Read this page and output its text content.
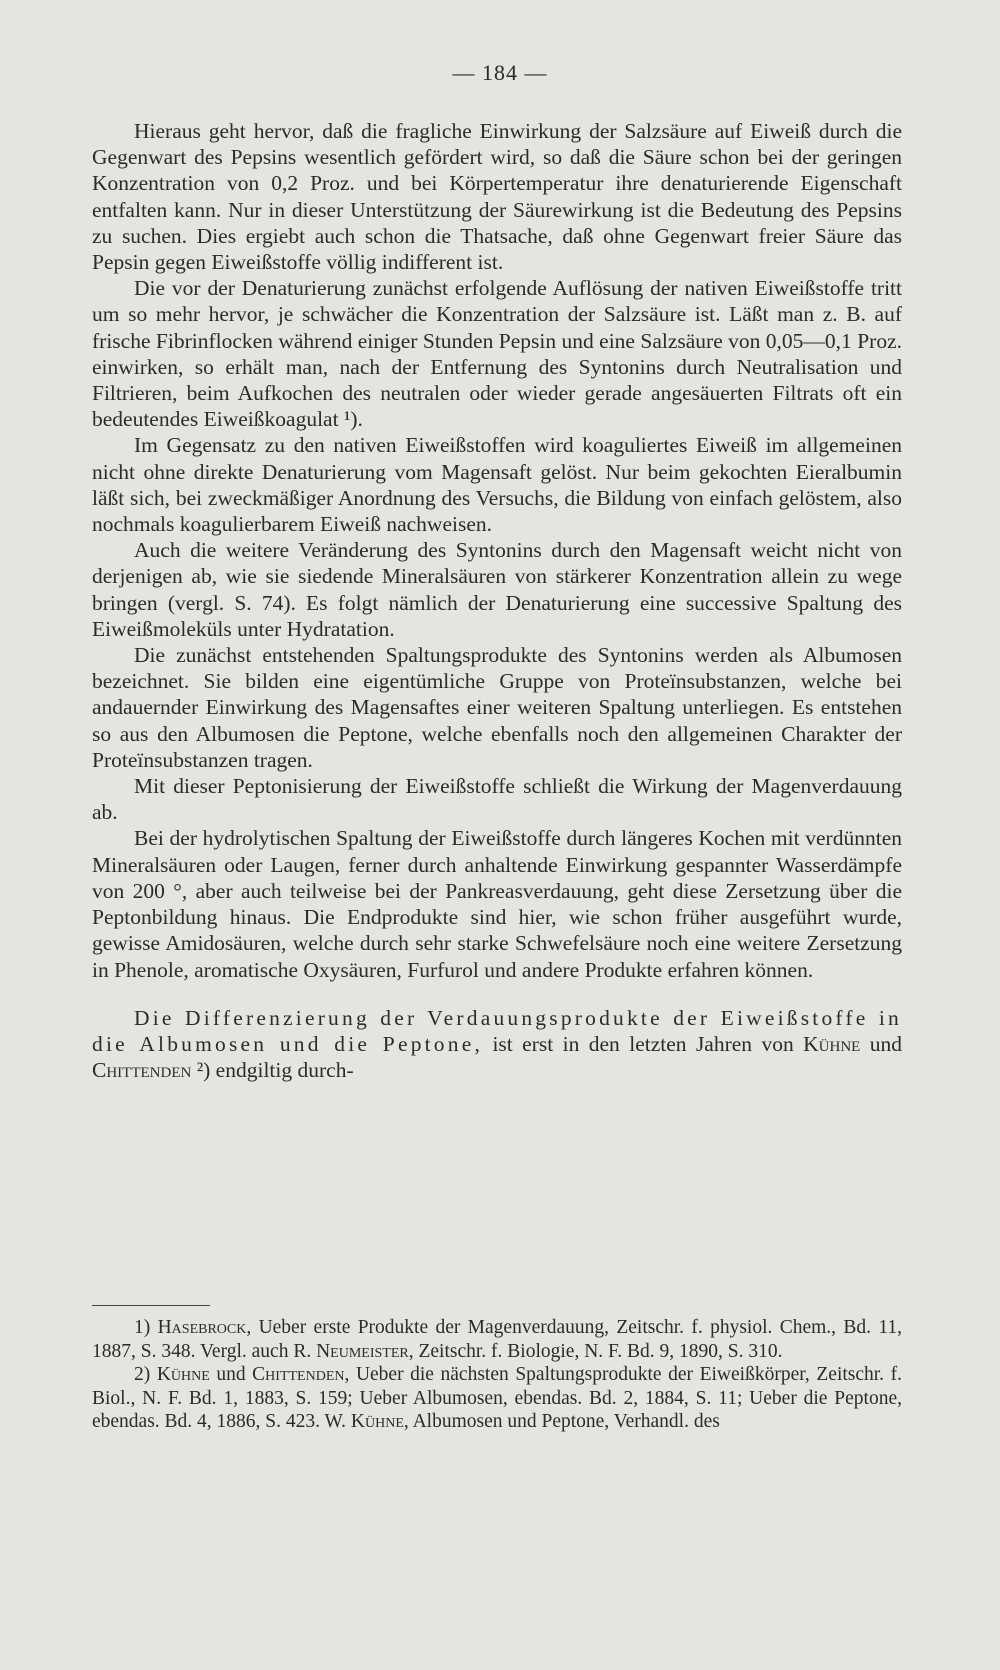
— 184 —

Hieraus geht hervor, daß die fragliche Einwirkung der Salzsäure auf Eiweiß durch die Gegenwart des Pepsins wesentlich gefördert wird, so daß die Säure schon bei der geringen Konzentration von 0,2 Proz. und bei Körpertemperatur ihre denaturierende Eigenschaft entfalten kann. Nur in dieser Unterstützung der Säurewirkung ist die Bedeutung des Pepsins zu suchen. Dies ergiebt auch schon die Thatsache, daß ohne Gegenwart freier Säure das Pepsin gegen Eiweißstoffe völlig indifferent ist.

Die vor der Denaturierung zunächst erfolgende Auflösung der nativen Eiweißstoffe tritt um so mehr hervor, je schwächer die Konzentration der Salzsäure ist. Läßt man z. B. auf frische Fibrinflocken während einiger Stunden Pepsin und eine Salzsäure von 0,05—0,1 Proz. einwirken, so erhält man, nach der Entfernung des Syntonins durch Neutralisation und Filtrieren, beim Aufkochen des neutralen oder wieder gerade angesäuerten Filtrats oft ein bedeutendes Eiweißkoagulat ¹).

Im Gegensatz zu den nativen Eiweißstoffen wird koaguliertes Eiweiß im allgemeinen nicht ohne direkte Denaturierung vom Magensaft gelöst. Nur beim gekochten Eieralbumin läßt sich, bei zweckmäßiger Anordnung des Versuchs, die Bildung von einfach gelöstem, also nochmals koagulierbarem Eiweiß nachweisen.

Auch die weitere Veränderung des Syntonins durch den Magensaft weicht nicht von derjenigen ab, wie sie siedende Mineralsäuren von stärkerer Konzentration allein zu wege bringen (vergl. S. 74). Es folgt nämlich der Denaturierung eine successive Spaltung des Eiweißmoleküls unter Hydratation.

Die zunächst entstehenden Spaltungsprodukte des Syntonins werden als Albumosen bezeichnet. Sie bilden eine eigentümliche Gruppe von Proteïnsubstanzen, welche bei andauernder Einwirkung des Magensaftes einer weiteren Spaltung unterliegen. Es entstehen so aus den Albumosen die Peptone, welche ebenfalls noch den allgemeinen Charakter der Proteïnsubstanzen tragen.

Mit dieser Peptonisierung der Eiweißstoffe schließt die Wirkung der Magenverdauung ab.

Bei der hydrolytischen Spaltung der Eiweißstoffe durch längeres Kochen mit verdünnten Mineralsäuren oder Laugen, ferner durch anhaltende Einwirkung gespannter Wasserdämpfe von 200 °, aber auch teilweise bei der Pankreasverdauung, geht diese Zersetzung über die Peptonbildung hinaus. Die Endprodukte sind hier, wie schon früher ausgeführt wurde, gewisse Amidosäuren, welche durch sehr starke Schwefelsäure noch eine weitere Zersetzung in Phenole, aromatische Oxysäuren, Furfurol und andere Produkte erfahren können.

Die Differenzierung der Verdauungsprodukte der Eiweißstoffe in die Albumosen und die Peptone, ist erst in den letzten Jahren von Kühne und Chittenden ²) endgiltig durch-

1) Hasebrock, Ueber erste Produkte der Magenverdauung, Zeitschr. f. physiol. Chem., Bd. 11, 1887, S. 348. Vergl. auch R. Neumeister, Zeitschr. f. Biologie, N. F. Bd. 9, 1890, S. 310.

2) Kühne und Chittenden, Ueber die nächsten Spaltungsprodukte der Eiweißkörper, Zeitschr. f. Biol., N. F. Bd. 1, 1883, S. 159; Ueber Albumosen, ebendas. Bd. 2, 1884, S. 11; Ueber die Peptone, ebendas. Bd. 4, 1886, S. 423. W. Kühne, Albumosen und Peptone, Verhandl. des
